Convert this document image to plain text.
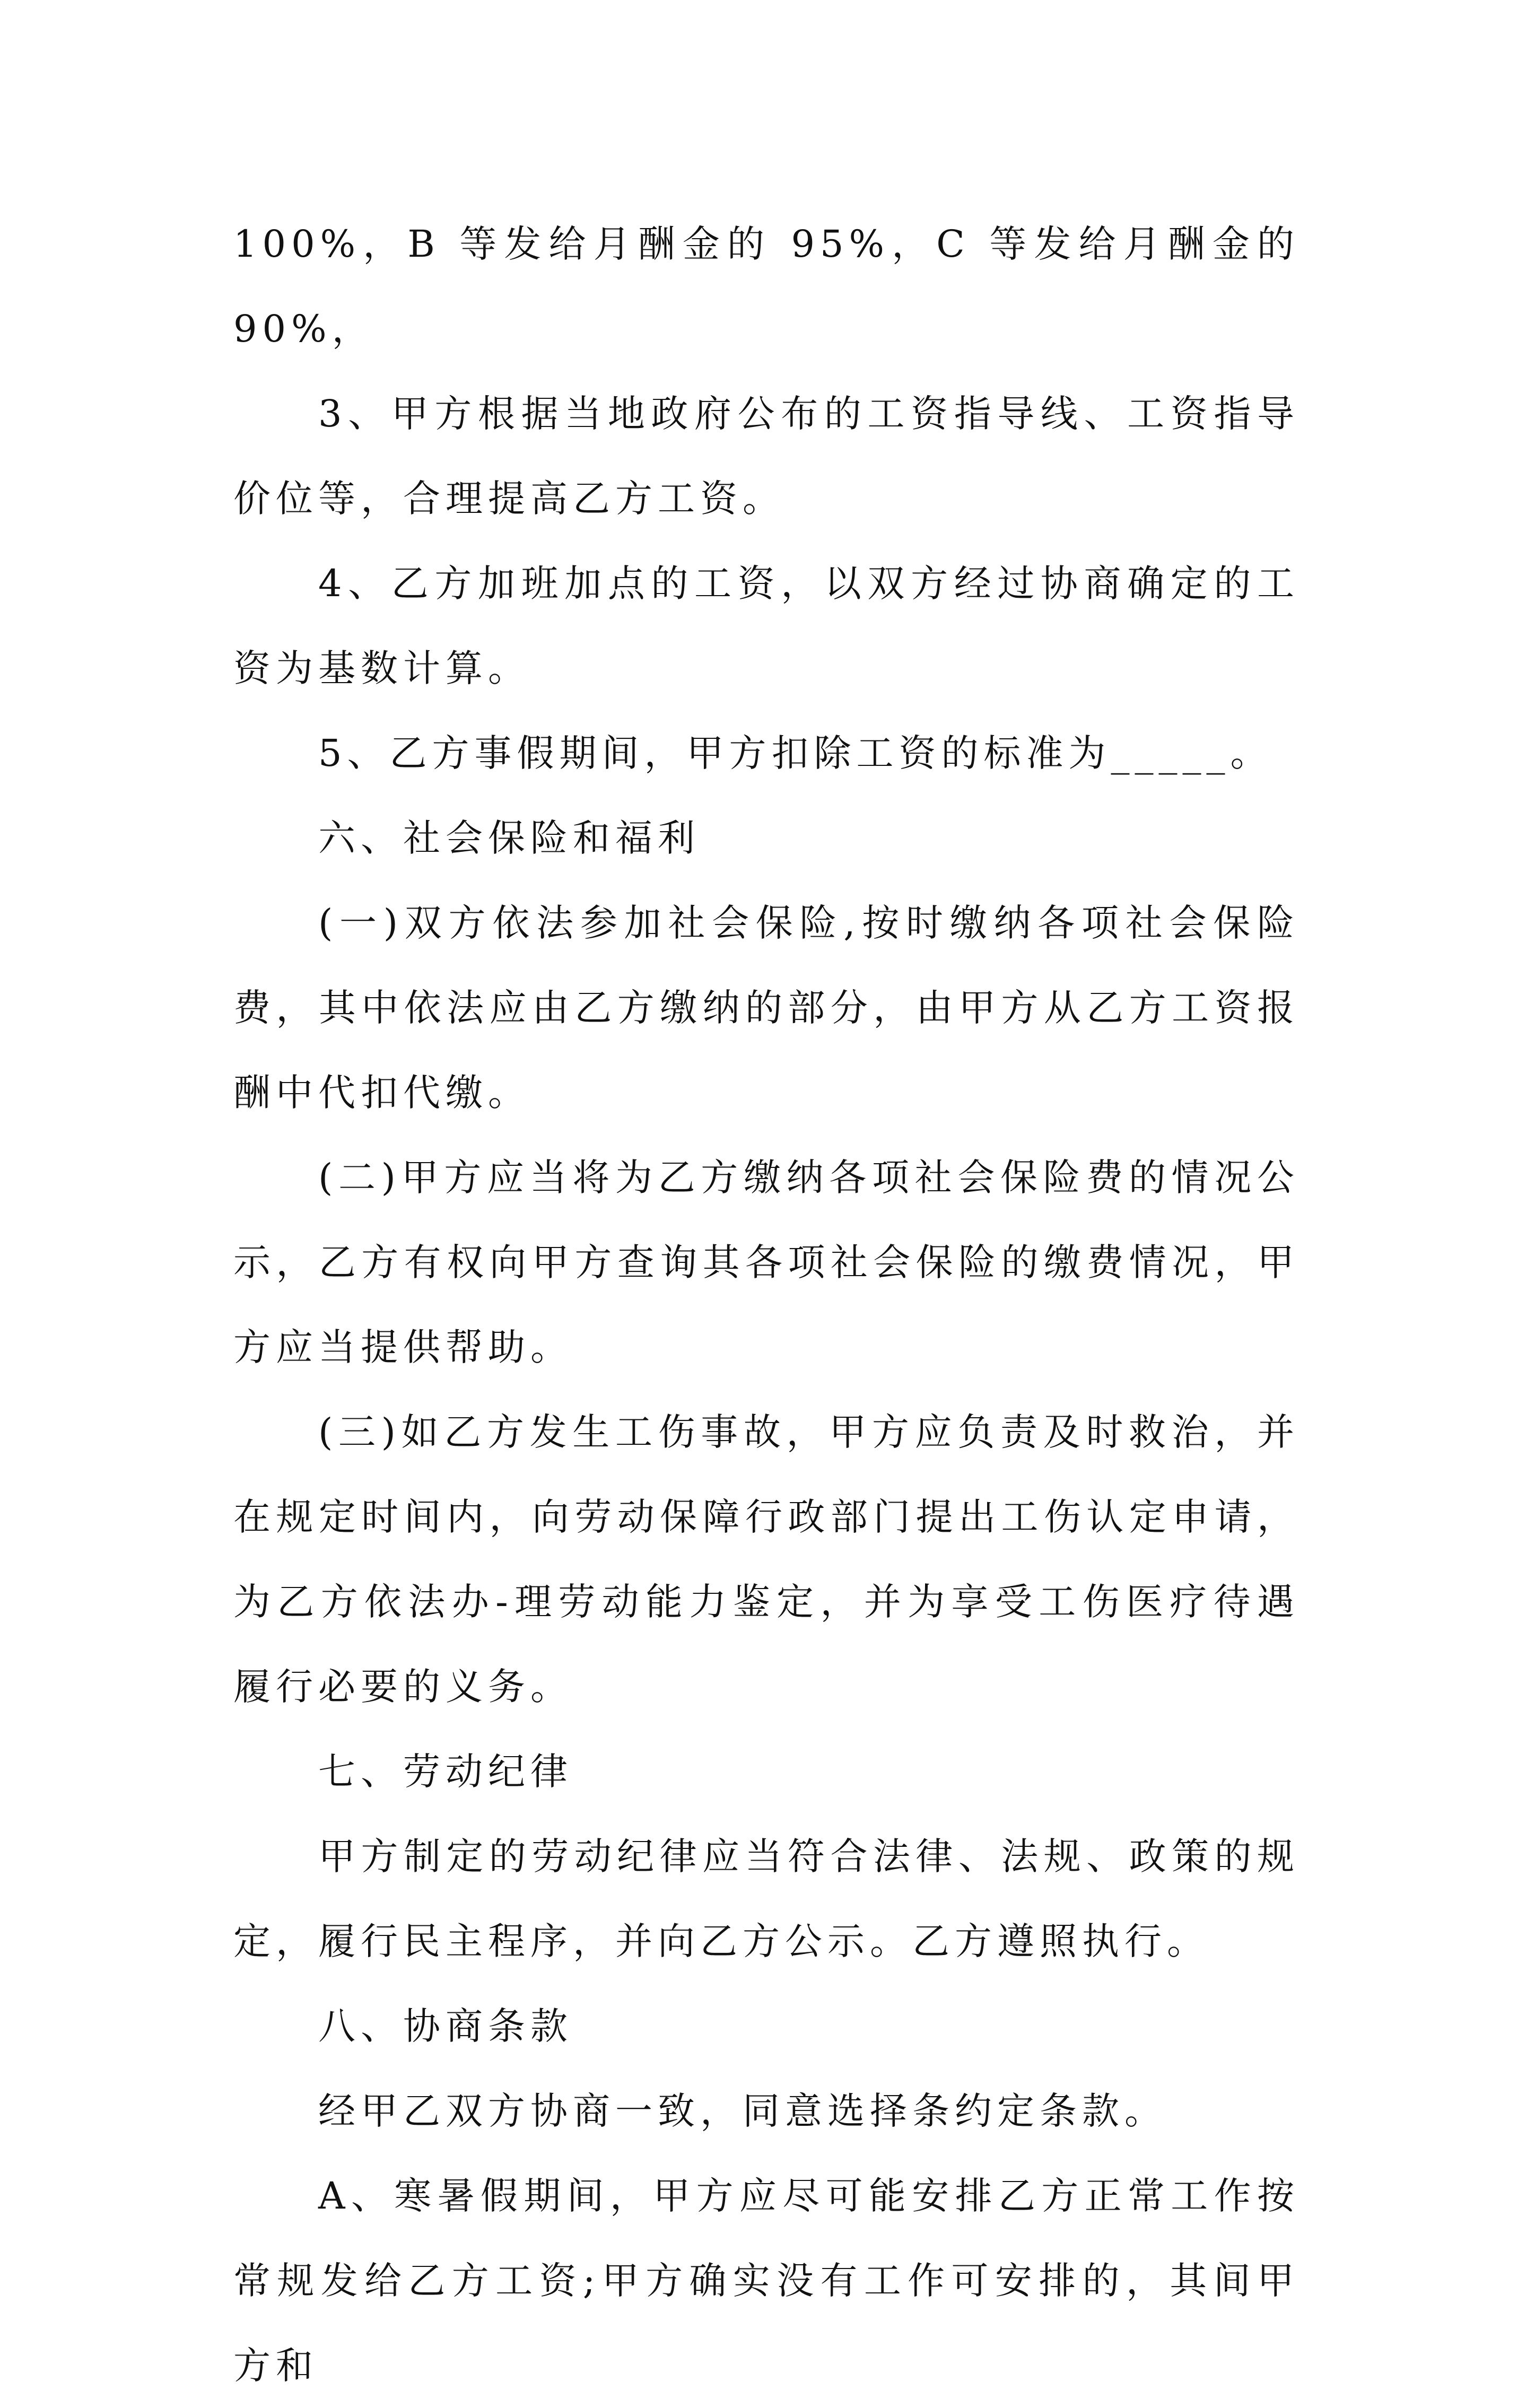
100%，B 等发给月酬金的 95%，C 等发给月酬金的 90%，

3、甲方根据当地政府公布的工资指导线、工资指导价位等，合理提高乙方工资。

4、乙方加班加点的工资，以双方经过协商确定的工资为基数计算。

5、乙方事假期间，甲方扣除工资的标准为_____。

六、社会保险和福利

(一)双方依法参加社会保险,按时缴纳各项社会保险费，其中依法应由乙方缴纳的部分，由甲方从乙方工资报酬中代扣代缴。

(二)甲方应当将为乙方缴纳各项社会保险费的情况公示，乙方有权向甲方查询其各项社会保险的缴费情况，甲方应当提供帮助。

(三)如乙方发生工伤事故，甲方应负责及时救治，并在规定时间内，向劳动保障行政部门提出工伤认定申请，为乙方依法办-理劳动能力鉴定，并为享受工伤医疗待遇履行必要的义务。

七、劳动纪律

甲方制定的劳动纪律应当符合法律、法规、政策的规定，履行民主程序，并向乙方公示。乙方遵照执行。

八、协商条款

经甲乙双方协商一致，同意选择条约定条款。

A、寒暑假期间，甲方应尽可能安排乙方正常工作按常规发给乙方工资;甲方确实没有工作可安排的，其间甲方和
